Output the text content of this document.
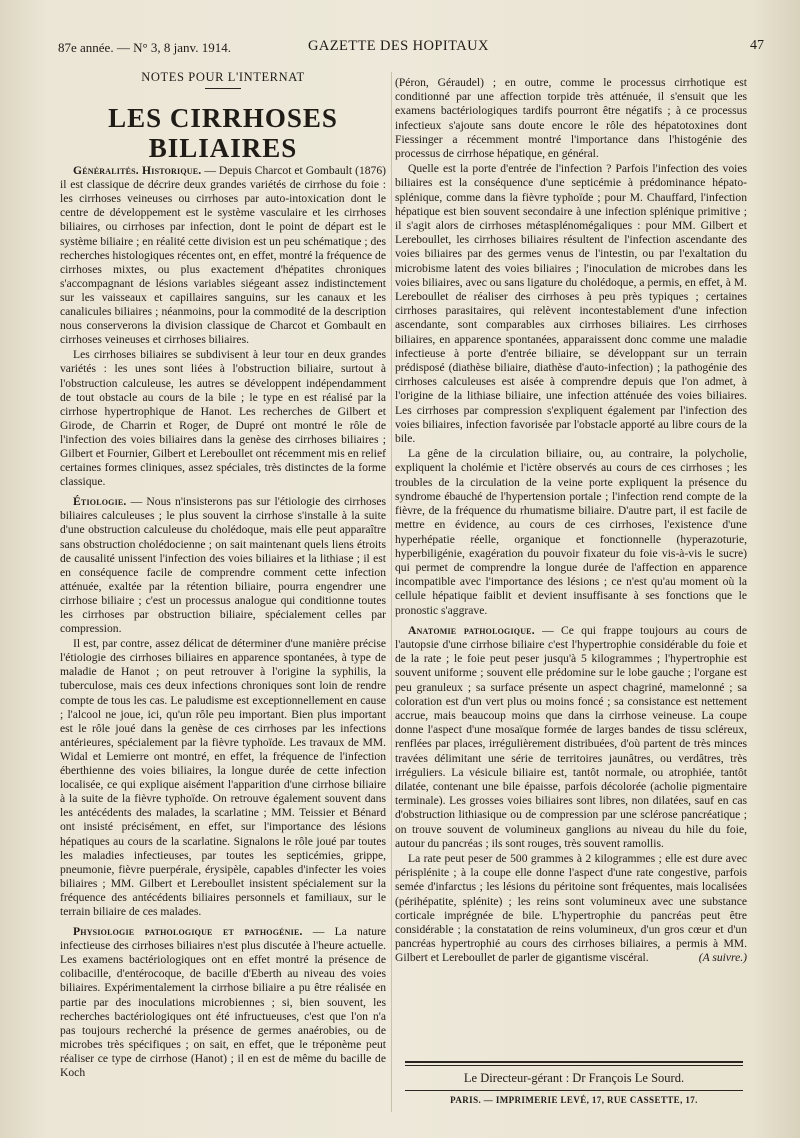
87e année. — N° 3, 8 janv. 1914.	GAZETTE DES HOPITAUX	47

NOTES POUR L'INTERNAT

LES CIRRHOSES BILIAIRES

Généralités. Historique. — Depuis Charcot et Gombault (1876) il est classique de décrire deux grandes variétés de cirrhose du foie : les cirrhoses veineuses ou cirrhoses par auto-intoxication dont le centre de développement est le système vasculaire et les cirrhoses biliaires, ou cirrhoses par infection, dont le point de départ est le système biliaire ; en réalité cette division est un peu schématique ; des recherches histologiques récentes ont, en effet, montré la fréquence de cirrhoses mixtes, ou plus exactement d'hépatites chroniques s'accompagnant de lésions variables siégeant assez indistinctement sur les vaisseaux et capillaires sanguins, sur les canaux et les canalicules biliaires ; néanmoins, pour la commodité de la description nous conserverons la division classique de Charcot et Gombault en cirrhoses veineuses et cirrhoses biliaires.

Les cirrhoses biliaires se subdivisent à leur tour en deux grandes variétés : les unes sont liées à l'obstruction biliaire, surtout à l'obstruction calculeuse, les autres se développent indépendamment de tout obstacle au cours de la bile ; le type en est réalisé par la cirrhose hypertrophique de Hanot. Les recherches de Gilbert et Girode, de Charrin et Roger, de Dupré ont montré le rôle de l'infection des voies biliaires dans la genèse des cirrhoses biliaires ; Gilbert et Fournier, Gilbert et Lereboullet ont récemment mis en relief certaines formes cliniques, assez spéciales, très distinctes de la forme classique.

Étiologie. — Nous n'insisterons pas sur l'étiologie des cirrhoses biliaires calculeuses ; le plus souvent la cirrhose s'installe à la suite d'une obstruction calculeuse du cholédoque, mais elle peut apparaître sans obstruction cholédocienne ; on sait maintenant quels liens étroits de causalité unissent l'infection des voies biliaires et la lithiase ; il est en conséquence facile de comprendre comment cette infection atténuée, exaltée par la rétention biliaire, pourra engendrer une cirrhose biliaire ; c'est un processus analogue qui conditionne toutes les cirrhoses par obstruction biliaire, spécialement celles par compression.

Il est, par contre, assez délicat de déterminer d'une manière précise l'étiologie des cirrhoses biliaires en apparence spontanées, à type de maladie de Hanot ; on peut retrouver à l'origine la syphilis, la tuberculose, mais ces deux infections chroniques sont loin de rendre compte de tous les cas. Le paludisme est exceptionnellement en cause ; l'alcool ne joue, ici, qu'un rôle peu important. Bien plus important est le rôle joué dans la genèse de ces cirrhoses par les infections antérieures, spécialement par la fièvre typhoïde. Les travaux de MM. Widal et Lemierre ont montré, en effet, la fréquence de l'infection éberthienne des voies biliaires, la longue durée de cette infection localisée, ce qui explique aisément l'apparition d'une cirrhose biliaire à la suite de la fièvre typhoïde. On retrouve également souvent dans les antécédents des malades, la scarlatine ; MM. Teissier et Bénard ont insisté précisément, en effet, sur l'importance des lésions hépatiques au cours de la scarlatine. Signalons le rôle joué par toutes les maladies infectieuses, par toutes les septicémies, grippe, pneumonie, fièvre puerpérale, érysipèle, capables d'infecter les voies biliaires ; MM. Gilbert et Lereboullet insistent spécialement sur la fréquence des antécédents biliaires personnels et familiaux, sur le terrain biliaire de ces malades.

Physiologie pathologique et pathogénie. — La nature infectieuse des cirrhoses biliaires n'est plus discutée à l'heure actuelle. Les examens bactériologiques ont en effet montré la présence de colibacille, d'entérocoque, de bacille d'Eberth au niveau des voies biliaires. Expérimentalement la cirrhose biliaire a pu être réalisée en partie par des inoculations microbiennes ; si, bien souvent, les recherches bactériologiques ont été infructueuses, c'est que l'on n'a pas toujours recherché la présence de germes anaérobies, ou de microbes très spécifiques ; on sait, en effet, que le tréponème peut réaliser ce type de cirrhose (Hanot) ; il en est de même du bacille de Koch

(Péron, Géraudel) ; en outre, comme le processus cirrhotique est conditionné par une affection torpide très atténuée, il s'ensuit que les examens bactériologiques tardifs pourront être négatifs ; à ce processus infectieux s'ajoute sans doute encore le rôle des hépatotoxines dont Fiessinger a récemment montré l'importance dans l'histogénie des processus de cirrhose hépatique, en général.

Quelle est la porte d'entrée de l'infection ? Parfois l'infection des voies biliaires est la conséquence d'une septicémie à prédominance hépato-splénique, comme dans la fièvre typhoïde ; pour M. Chauffard, l'infection hépatique est bien souvent secondaire à une infection splénique primitive ; il s'agit alors de cirrhoses métasplénomégaliques : pour MM. Gilbert et Lereboullet, les cirrhoses biliaires résultent de l'infection ascendante des voies biliaires par des germes venus de l'intestin, ou par l'exaltation du microbisme latent des voies biliaires ; l'inoculation de microbes dans les voies biliaires, avec ou sans ligature du cholédoque, a permis, en effet, à M. Lereboullet de réaliser des cirrhoses à peu près typiques ; certaines cirrhoses parasitaires, qui relèvent incontestablement d'une infection ascendante, sont comparables aux cirrhoses biliaires. Les cirrhoses biliaires, en apparence spontanées, apparaissent donc comme une maladie infectieuse à porte d'entrée biliaire, se développant sur un terrain prédisposé (diathèse biliaire, diathèse d'auto-infection) ; la pathogénie des cirrhoses calculeuses est aisée à comprendre depuis que l'on admet, à l'origine de la lithiase biliaire, une infection atténuée des voies biliaires. Les cirrhoses par compression s'expliquent également par l'infection des voies biliaires, infection favorisée par l'obstacle apporté au libre cours de la bile.

La gêne de la circulation biliaire, ou, au contraire, la polycholie, expliquent la cholémie et l'ictère observés au cours de ces cirrhoses ; les troubles de la circulation de la veine porte expliquent la présence du syndrome ébauché de l'hypertension portale ; l'infection rend compte de la fièvre, de la fréquence du rhumatisme biliaire. D'autre part, il est facile de mettre en évidence, au cours de ces cirrhoses, l'existence d'une hyperhépatie réelle, organique et fonctionnelle (hyperazoturie, hyperbiligénie, exagération du pouvoir fixateur du foie vis-à-vis le sucre) qui permet de comprendre la longue durée de l'affection en apparence incompatible avec l'importance des lésions ; ce n'est qu'au moment où la cellule hépatique faiblit et devient insuffisante à ses fonctions que le pronostic s'aggrave.

Anatomie pathologique. — Ce qui frappe toujours au cours de l'autopsie d'une cirrhose biliaire c'est l'hypertrophie considérable du foie et de la rate ; le foie peut peser jusqu'à 5 kilogrammes ; l'hypertrophie est souvent uniforme ; souvent elle prédomine sur le lobe gauche ; l'organe est peu granuleux ; sa surface présente un aspect chagriné, mamelonné ; sa coloration est d'un vert plus ou moins foncé ; sa consistance est nettement accrue, mais beaucoup moins que dans la cirrhose veineuse. La coupe donne l'aspect d'une mosaïque formée de larges bandes de tissu scléreux, renflées par places, irrégulièrement distribuées, d'où partent de très minces travées délimitant une série de territoires jaunâtres, ou verdâtres, très irréguliers. La vésicule biliaire est, tantôt normale, ou atrophiée, tantôt dilatée, contenant une bile épaisse, parfois décolorée (acholie pigmentaire terminale). Les grosses voies biliaires sont libres, non dilatées, sauf en cas d'obstruction lithiasique ou de compression par une sclérose pancréatique ; on trouve souvent de volumineux ganglions au niveau du hile du foie, autour du pancréas ; ils sont rouges, très souvent ramollis.

La rate peut peser de 500 grammes à 2 kilogrammes ; elle est dure avec périsplénite ; à la coupe elle donne l'aspect d'une rate congestive, parfois semée d'infarctus ; les lésions du péritoine sont fréquentes, mais localisées (périhépatite, splénite) ; les reins sont volumineux avec une substance corticale imprégnée de bile. L'hypertrophie du pancréas peut être considérable ; la constatation de reins volumineux, d'un gros cœur et d'un pancréas hypertrophié au cours des cirrhoses biliaires, a permis à MM. Gilbert et Lereboullet de parler de gigantisme viscéral.	(A suivre.)

Le Directeur-gérant : Dr François Le Sourd.
PARIS. — IMPRIMERIE LEVÉ, 17, RUE CASSETTE, 17.
